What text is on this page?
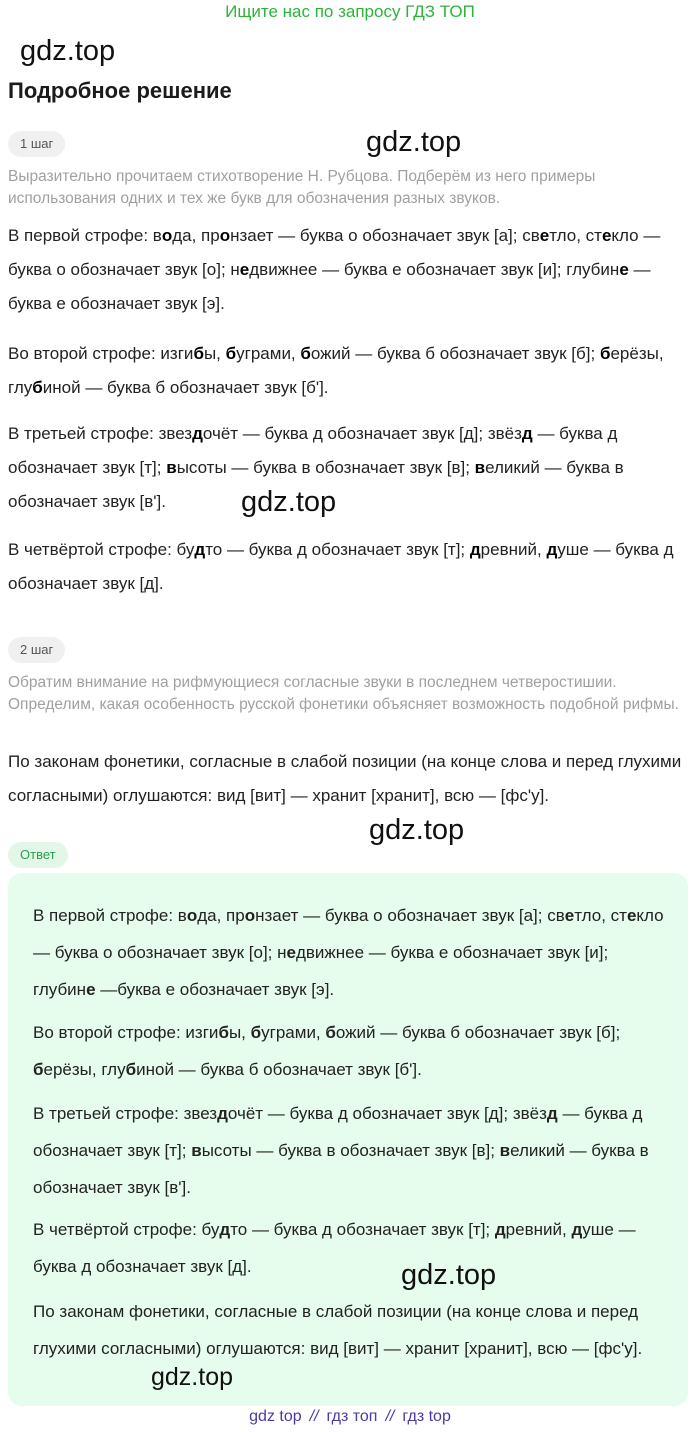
Ищите нас по запросу ГДЗ ТОП
gdz.top
Подробное решение
1 шаг	gdz.top
Выразительно прочитаем стихотворение Н. Рубцова. Подберём из него примеры использования одних и тех же букв для обозначения разных звуков.
В первой строфе: вода, пронзает — буква о обозначает звук [а]; светло, стекло — буква о обозначает звук [о]; недвижнее — буква е обозначает звук [и]; глубине —буква е обозначает звук [э].
Во второй строфе: изгибы, буграми, божий — буква б обозначает звук [б]; берёзы, глубиной — буква б обозначает звук [б'].
В третьей строфе: звездочёт — буква д обозначает звук [д]; звёзд — буква д обозначает звук [т]; высоты — буква в обозначает звук [в]; великий — буква в обозначает звук [в'].	gdz.top
В четвёртой строфе: будто — буква д обозначает звук [т]; древний, душе — буква д обозначает звук [д].
2 шаг
Обратим внимание на рифмующиеся согласные звуки в последнем четверостишии. Определим, какая особенность русской фонетики объясняет возможность подобной рифмы.
По законам фонетики, согласные в слабой позиции (на конце слова и перед глухими согласными) оглушаются: вид [вит] — хранит [хранит], всю — [фс'у].
gdz.top
Ответ
В первой строфе: вода, пронзает — буква о обозначает звук [а]; светло, стекло — буква о обозначает звук [о]; недвижнее — буква е обозначает звук [и]; глубине —буква е обозначает звук [э].
Во второй строфе: изгибы, буграми, божий — буква б обозначает звук [б]; берёзы, глубиной — буква б обозначает звук [б'].
В третьей строфе: звездочёт — буква д обозначает звук [д]; звёзд — буква д обозначает звук [т]; высоты — буква в обозначает звук [в]; великий — буква в обозначает звук [в'].
В четвёртой строфе: будто — буква д обозначает звук [т]; древний, душе — буква д обозначает звук [д].	gdz.top
По законам фонетики, согласные в слабой позиции (на конце слова и перед глухими согласными) оглушаются: вид [вит] — хранит [хранит], всю — [фс'у].
gdz.top
gdz top // гдз топ // гдз top
